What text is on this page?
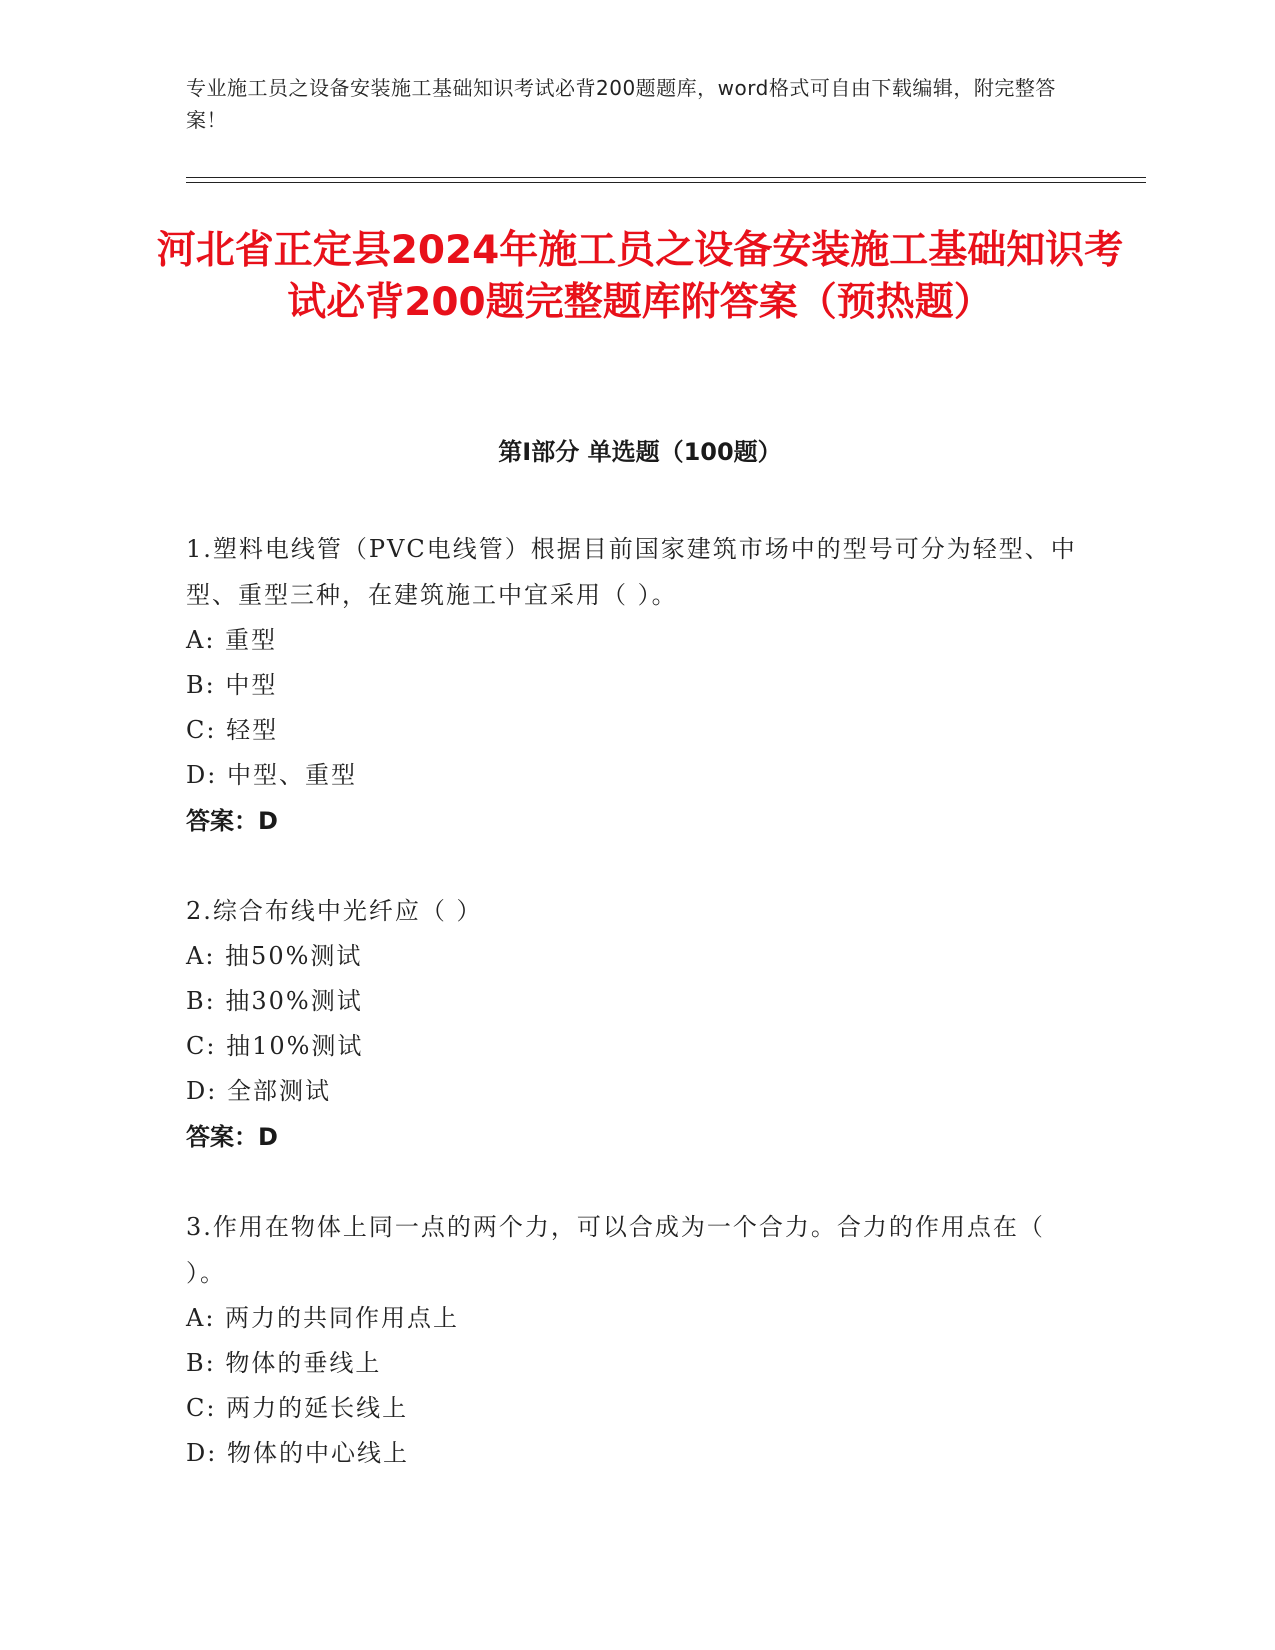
专业施工员之设备安装施工基础知识考试必背200题题库，word格式可自由下载编辑，附完整答案！
河北省正定县2024年施工员之设备安装施工基础知识考试必背200题完整题库附答案（预热题）
第Ⅰ部分 单选题（100题）
1.塑料电线管（PVC电线管）根据目前国家建筑市场中的型号可分为轻型、中型、重型三种，在建筑施工中宜采用（ ）。
A: 重型
B: 中型
C: 轻型
D: 中型、重型
答案：D
2.综合布线中光纤应（ ）
A: 抽50%测试
B: 抽30%测试
C: 抽10%测试
D: 全部测试
答案：D
3.作用在物体上同一点的两个力，可以合成为一个合力。合力的作用点在（ ）。
A: 两力的共同作用点上
B: 物体的垂线上
C: 两力的延长线上
D: 物体的中心线上
